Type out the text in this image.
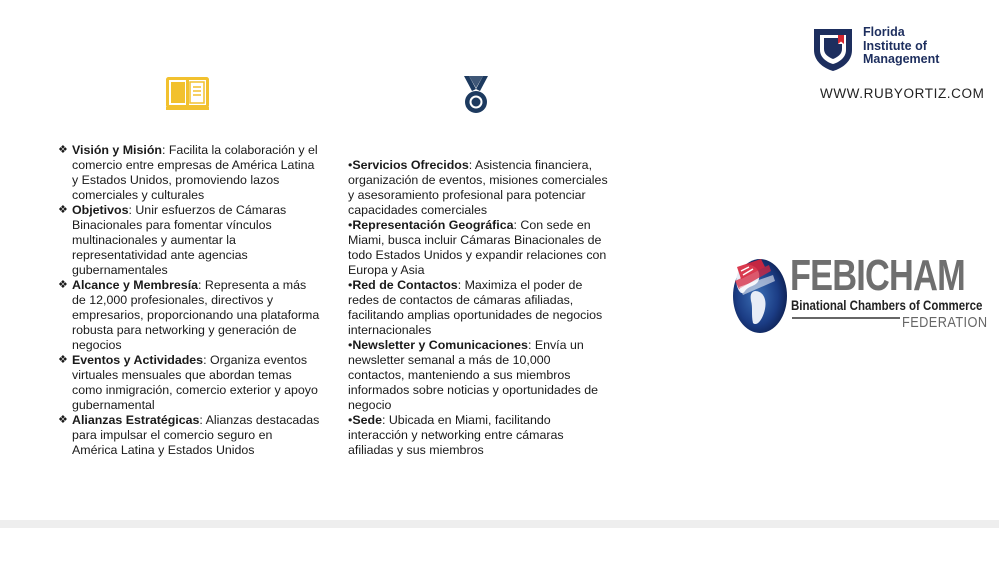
Florida
Institute of
Management
WWW.RUBYORTIZ.COM

❖ Visión y Misión: Facilita la colaboración y el comercio entre empresas de América Latina y Estados Unidos, promoviendo lazos comerciales y culturales

❖ Objetivos: Unir esfuerzos de Cámaras Binacionales para fomentar vínculos multinacionales y aumentar la representatividad ante agencias gubernamentales

❖ Alcance y Membresía: Representa a más de 12,000 profesionales, directivos y empresarios, proporcionando una plataforma robusta para networking y generación de negocios

❖ Eventos y Actividades: Organiza eventos virtuales mensuales que abordan temas como inmigración, comercio exterior y apoyo gubernamental

❖ Alianzas Estratégicas: Alianzas destacadas para impulsar el comercio seguro en América Latina y Estados Unidos

•Servicios Ofrecidos: Asistencia financiera, organización de eventos, misiones comerciales y asesoramiento profesional para potenciar capacidades comerciales

•Representación Geográfica: Con sede en Miami, busca incluir Cámaras Binacionales de todo Estados Unidos y expandir relaciones con Europa y Asia

•Red de Contactos: Maximiza el poder de redes de contactos de cámaras afiliadas, facilitando amplias oportunidades de negocios internacionales

•Newsletter y Comunicaciones: Envía un newsletter semanal a más de 10,000 contactos, manteniendo a sus miembros informados sobre noticias y oportunidades de negocio

•Sede: Ubicada en Miami, facilitando interacción y networking entre cámaras afiliadas y sus miembros

FEBICHAM
Binational Chambers of Commerce
FEDERATION
